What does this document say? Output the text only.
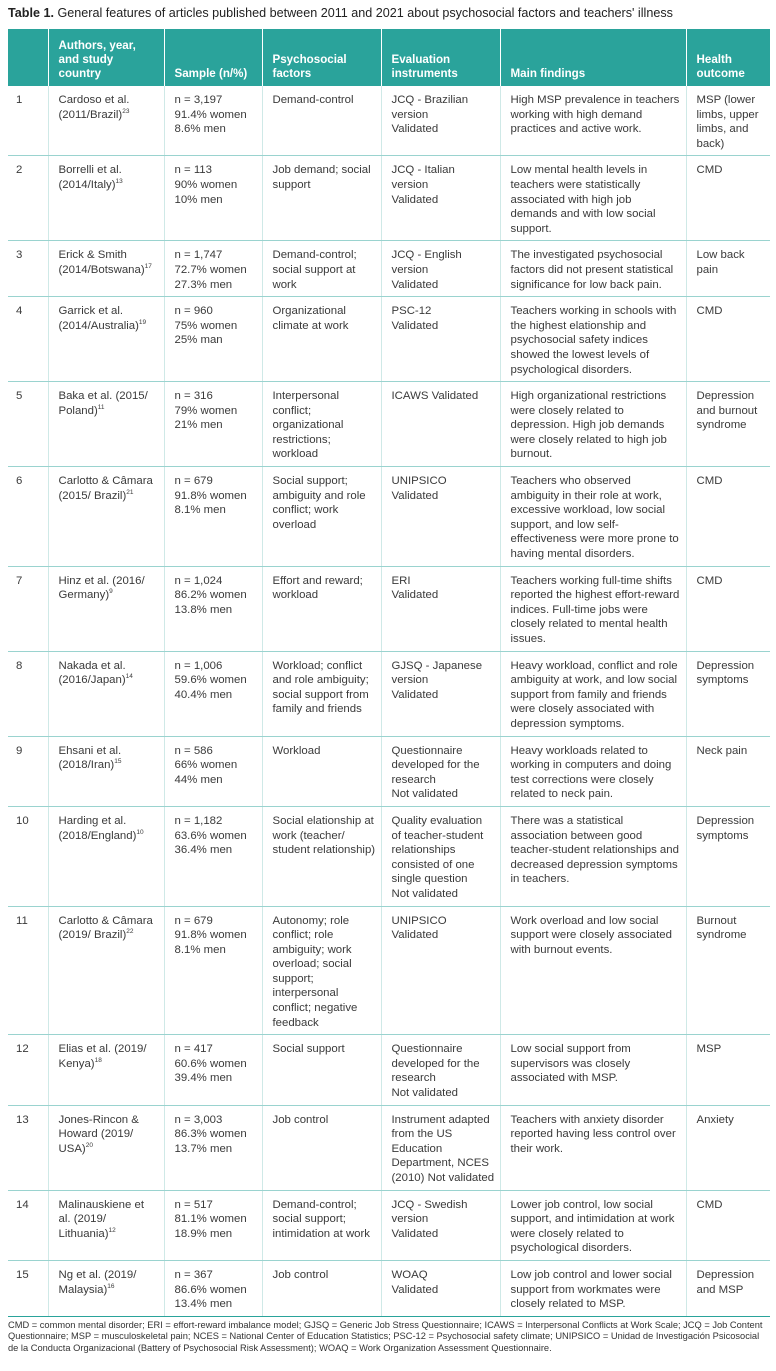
Table 1. General features of articles published between 2011 and 2021 about psychosocial factors and teachers' illness
	Authors, year, and study country	Sample (n/%)	Psychosocial factors	Evaluation instruments	Main findings	Health outcome
1	Cardoso et al. (2011/Brazil)$^{23}$	n = 3,197
91.4% women
8.6% men	Demand-control	JCQ - Brazilian version
Validated	High MSP prevalence in teachers working with high demand practices and active work.	MSP (lower limbs, upper limbs, and back)
2	Borrelli et al. (2014/Italy)$^{13}$	n = 113
90% women
10% men	Job demand; social support	JCQ - Italian version
Validated	Low mental health levels in teachers were statistically associated with high job demands and with low social support.	CMD
3	Erick & Smith (2014/Botswana)$^{17}$	n = 1,747
72.7% women
27.3% men	Demand-control; social support at work	JCQ - English version
Validated	The investigated psychosocial factors did not present statistical significance for low back pain.	Low back pain
4	Garrick et al. (2014/Australia)$^{19}$	n = 960
75% women
25% man	Organizational climate at work	PSC-12
Validated	Teachers working in schools with the highest elationship and psychosocial safety indices showed the lowest levels of psychological disorders.	CMD
5	Baka et al. (2015/ Poland)$^{11}$	n = 316
79% women
21% men	Interpersonal conflict; organizational restrictions; workload	ICAWS Validated	High organizational restrictions were closely related to depression. High job demands were closely related to high job burnout.	Depression and burnout syndrome
6	Carlotto & Câmara (2015/ Brazil)$^{21}$	n = 679
91.8% women
8.1% men	Social support; ambiguity and role conflict; work overload	UNIPSICO
Validated	Teachers who observed ambiguity in their role at work, excessive workload, low social support, and low self-effectiveness were more prone to having mental disorders.	CMD
7	Hinz et al. (2016/ Germany)$^9$	n = 1,024
86.2% women
13.8% men	Effort and reward; workload	ERI
Validated	Teachers working full-time shifts reported the highest effort-reward indices. Full-time jobs were closely related to mental health issues.	CMD
8	Nakada et al. (2016/Japan)$^{14}$	n = 1,006
59.6% women
40.4% men	Workload; conflict and role ambiguity; social support from family and friends	GJSQ - Japanese version
Validated	Heavy workload, conflict and role ambiguity at work, and low social support from family and friends were closely associated with depression symptoms.	Depression symptoms
9	Ehsani et al. (2018/Iran)$^{15}$	n = 586
66% women
44% men	Workload	Questionnaire developed for the research
Not validated	Heavy workloads related to working in computers and doing test corrections were closely related to neck pain.	Neck pain
10	Harding et al. (2018/England)$^{10}$	n = 1,182
63.6% women
36.4% men	Social elationship at work (teacher/ student relationship)	Quality evaluation of teacher-student relationships consisted of one single question
Not validated	There was a statistical association between good teacher-student relationships and decreased depression symptoms in teachers.	Depression symptoms
11	Carlotto & Câmara (2019/ Brazil)$^{22}$	n = 679
91.8% women
8.1% men	Autonomy; role conflict; role ambiguity; work overload; social support; interpersonal conflict; negative feedback	UNIPSICO
Validated	Work overload and low social support were closely associated with burnout events.	Burnout syndrome
12	Elias et al. (2019/ Kenya)$^{18}$	n = 417
60.6% women
39.4% men	Social support	Questionnaire developed for the research
Not validated	Low social support from supervisors was closely associated with MSP.	MSP
13	Jones-Rincon & Howard (2019/ USA)$^{20}$	n = 3,003
86.3% women
13.7% men	Job control	Instrument adapted from the US Education Department, NCES (2010) Not validated	Teachers with anxiety disorder reported having less control over their work.	Anxiety
14	Malinauskiene et al. (2019/ Lithuania)$^{12}$	n = 517
81.1% women
18.9% men	Demand-control; social support; intimidation at work	JCQ - Swedish version
Validated	Lower job control, low social support, and intimidation at work were closely related to psychological disorders.	CMD
15	Ng et al. (2019/ Malaysia)$^{16}$	n = 367
86.6% women
13.4% men	Job control	WOAQ
Validated	Low job control and lower social support from workmates were closely related to MSP.	Depression and MSP
CMD = common mental disorder; ERI = effort-reward imbalance model; GJSQ = Generic Job Stress Questionnaire; ICAWS = Interpersonal Conflicts at Work Scale; JCQ = Job Content Questionnaire; MSP = musculoskeletal pain; NCES = National Center of Education Statistics; PSC-12 = Psychosocial safety climate; UNIPSICO = Unidad de Investigación Psicosocial de la Conducta Organizacional (Battery of Psychosocial Risk Assessment); WOAQ = Work Organization Assessment Questionnaire.
